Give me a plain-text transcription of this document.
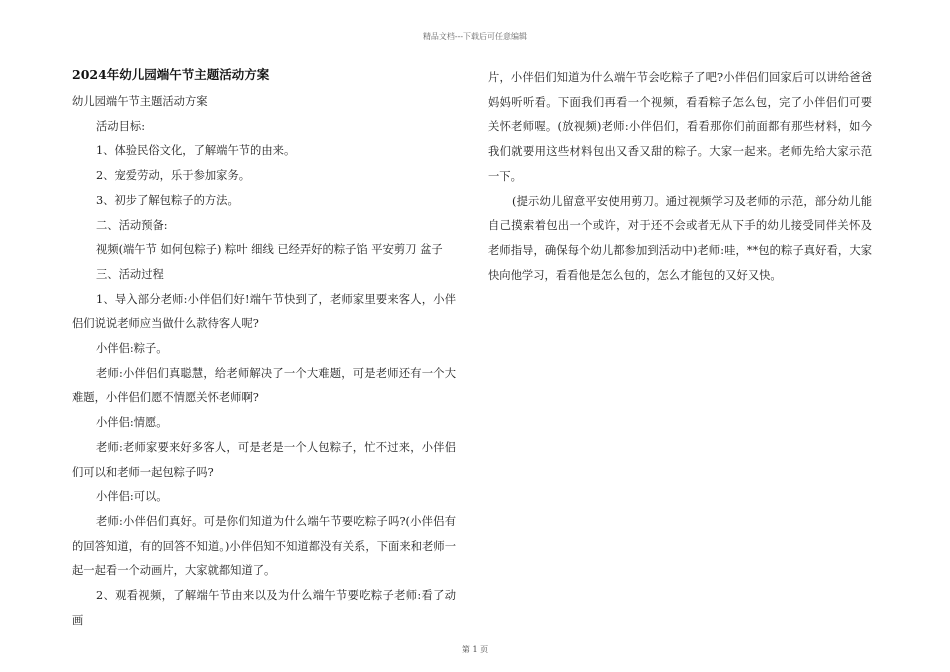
精品文档---下载后可任意编辑
2024年幼儿园端午节主题活动方案

幼儿园端午节主题活动方案

活动目标:

1、体验民俗文化，了解端午节的由来。

2、宠爱劳动，乐于参加家务。

3、初步了解包粽子的方法。

二、活动预备:

视频(端午节 如何包粽子) 粽叶 细线 已经弄好的粽子馅 平安剪刀 盆子

三、活动过程

1、导入部分老师:小伴侣们好!端午节快到了，老师家里要来客人，小伴侣们说说老师应当做什么款待客人呢?

小伴侣:粽子。

老师:小伴侣们真聪慧，给老师解决了一个大难题，可是老师还有一个大难题，小伴侣们愿不情愿关怀老师啊?

小伴侣:情愿。

老师:老师家要来好多客人，可是老是一个人包粽子，忙不过来，小伴侣们可以和老师一起包粽子吗?

小伴侣:可以。

老师:小伴侣们真好。可是你们知道为什么端午节要吃粽子吗?(小伴侣有的回答知道，有的回答不知道。)小伴侣知不知道都没有关系，下面来和老师一起一起看一个动画片，大家就都知道了。

2、观看视频，了解端午节由来以及为什么端午节要吃粽子老师:看了动画

片，小伴侣们知道为什么端午节会吃粽子了吧?小伴侣们回家后可以讲给爸爸妈妈听听看。下面我们再看一个视频，看看粽子怎么包，完了小伴侣们可要关怀老师喔。(放视频)老师:小伴侣们，看看那你们前面都有那些材料，如今我们就要用这些材料包出又香又甜的粽子。大家一起来。老师先给大家示范一下。

(提示幼儿留意平安使用剪刀。通过视频学习及老师的示范，部分幼儿能自己摸索着包出一个或许，对于还不会或者无从下手的幼儿接受同伴关怀及老师指导，确保每个幼儿都参加到活动中)老师:哇，**包的粽子真好看，大家快向他学习，看看他是怎么包的，怎么才能包的又好又快。

第 1 页
